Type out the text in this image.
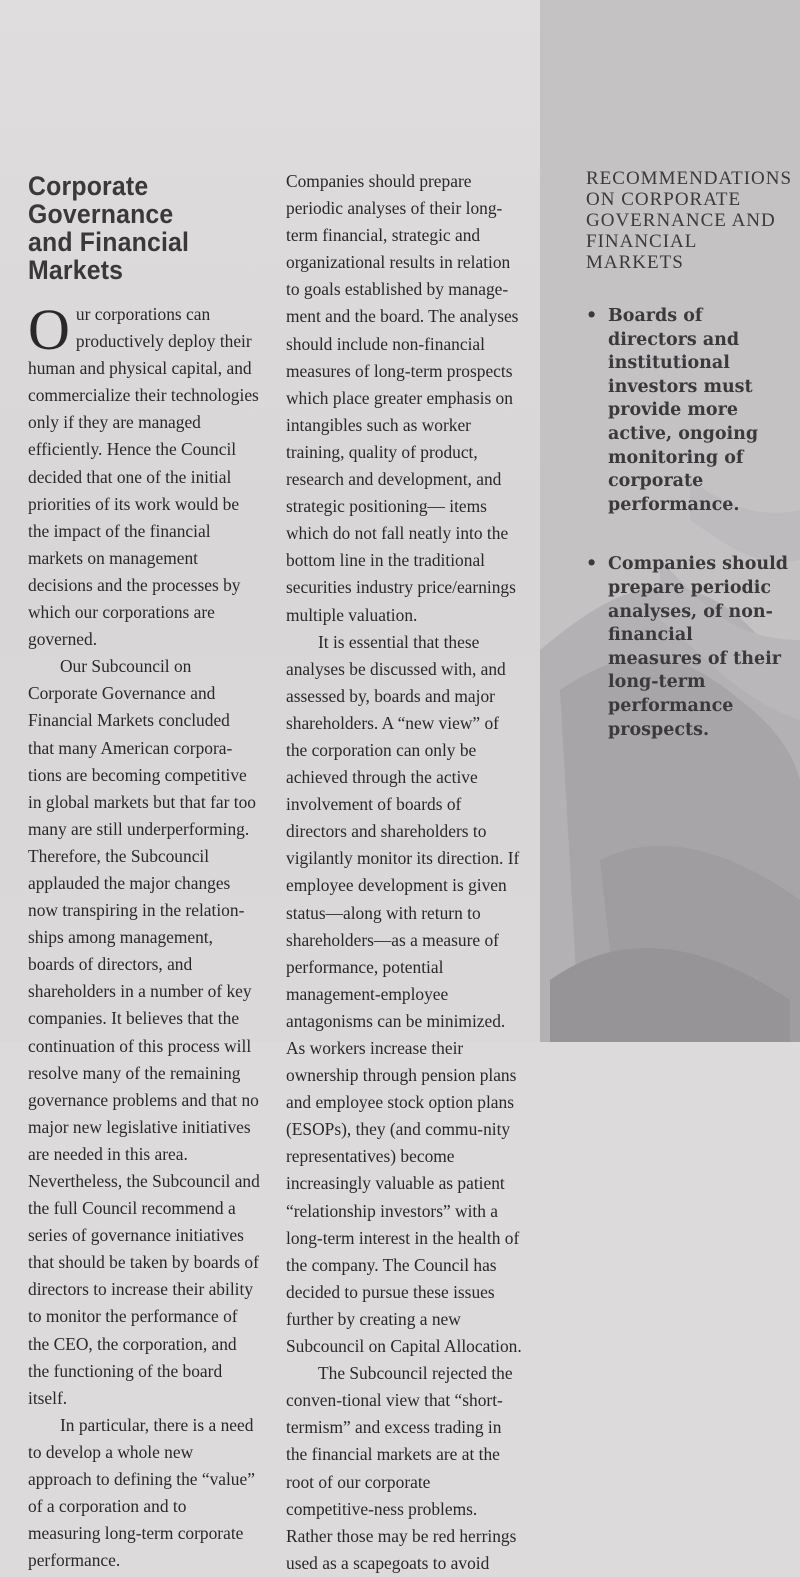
Corporate Governance
and Financial Markets

Our corporations can productively deploy their human and physical capital, and commercialize their technologies only if they are managed efficiently. Hence the Council decided that one of the initial priorities of its work would be the impact of the financial markets on management decisions and the processes by which our corporations are governed.

Our Subcouncil on Corporate Governance and Financial Markets concluded that many American corpora-tions are becoming competitive in global markets but that far too many are still underperforming. Therefore, the Subcouncil applauded the major changes now transpiring in the relation-ships among management, boards of directors, and shareholders in a number of key companies. It believes that the continuation of this process will resolve many of the remaining governance problems and that no major new legislative initiatives are needed in this area. Nevertheless, the Subcouncil and the full Council recommend a series of governance initiatives that should be taken by boards of directors to increase their ability to monitor the performance of the CEO, the corporation, and the functioning of the board itself.

In particular, there is a need to develop a whole new approach to defining the “value” of a corporation and to measuring long-term corporate performance.

Companies should prepare periodic analyses of their long-term financial, strategic and organizational results in relation to goals established by manage-ment and the board. The analyses should include non-financial measures of long-term prospects which place greater emphasis on intangibles such as worker training, quality of product, research and development, and strategic positioning— items which do not fall neatly into the bottom line in the traditional securities industry price/earnings multiple valuation.

It is essential that these analyses be discussed with, and assessed by, boards and major shareholders. A “new view” of the corporation can only be achieved through the active involvement of boards of directors and shareholders to vigilantly monitor its direction. If employee development is given status—along with return to shareholders—as a measure of performance, potential management-employee antagonisms can be minimized. As workers increase their ownership through pension plans and employee stock option plans (ESOPs), they (and commu-nity representatives) become increasingly valuable as patient “relationship investors” with a long-term interest in the health of the company. The Council has decided to pursue these issues further by creating a new Subcouncil on Capital Allocation.

The Subcouncil rejected the conven-tional view that “short-termism” and excess trading in the financial markets are at the root of our corporate competitive-ness problems. Rather those may be red herrings used as a scapegoats to avoid

RECOMMENDATIONS ON CORPORATE GOVERNANCE AND FINANCIAL MARKETS
• Boards of directors and institutional investors must provide more active, ongoing monitoring of corporate performance.
• Companies should prepare periodic analyses, of non-financial measures of their long-term performance prospects.
